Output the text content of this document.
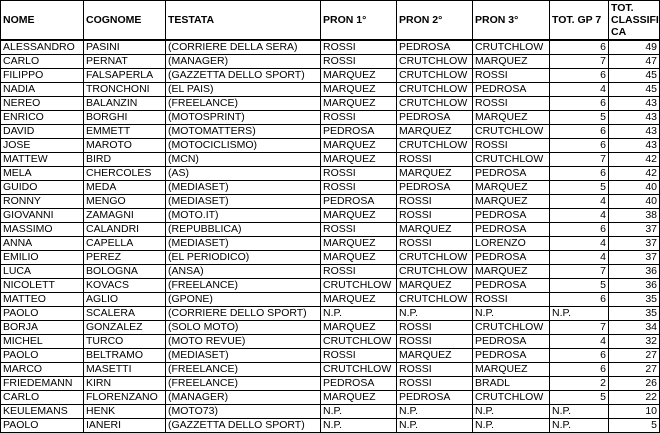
NOME	COGNOME	TESTATA	PRON 1°	PRON 2°	PRON 3°	TOT. GP 7	TOT. CLASSIFI CA
ALESSANDRO	PASINI	(CORRIERE DELLA SERA)	ROSSI	PEDROSA	CRUTCHLOW	6	49
CARLO	PERNAT	(MANAGER)	ROSSI	CRUTCHLOW	MARQUEZ	7	47
FILIPPO	FALSAPERLA	(GAZZETTA DELLO SPORT)	MARQUEZ	CRUTCHLOW	ROSSI	6	45
NADIA	TRONCHONI	(EL PAIS)	MARQUEZ	CRUTCHLOW	PEDROSA	4	45
NEREO	BALANZIN	(FREELANCE)	MARQUEZ	CRUTCHLOW	ROSSI	6	43
ENRICO	BORGHI	(MOTOSPRINT)	ROSSI	PEDROSA	MARQUEZ	5	43
DAVID	EMMETT	(MOTOMATTERS)	PEDROSA	MARQUEZ	CRUTCHLOW	6	43
JOSE	MAROTO	(MOTOCICLISMO)	MARQUEZ	CRUTCHLOW	ROSSI	6	43
MATTEW	BIRD	(MCN)	MARQUEZ	ROSSI	CRUTCHLOW	7	42
MELA	CHERCOLES	(AS)	ROSSI	MARQUEZ	PEDROSA	6	42
GUIDO	MEDA	(MEDIASET)	ROSSI	PEDROSA	MARQUEZ	5	40
RONNY	MENGO	(MEDIASET)	PEDROSA	ROSSI	MARQUEZ	4	40
GIOVANNI	ZAMAGNI	(MOTO.IT)	MARQUEZ	ROSSI	PEDROSA	4	38
MASSIMO	CALANDRI	(REPUBBLICA)	ROSSI	MARQUEZ	PEDROSA	6	37
ANNA	CAPELLA	(MEDIASET)	MARQUEZ	ROSSI	LORENZO	4	37
EMILIO	PEREZ	(EL PERIODICO)	MARQUEZ	CRUTCHLOW	PEDROSA	4	37
LUCA	BOLOGNA	(ANSA)	ROSSI	CRUTCHLOW	MARQUEZ	7	36
NICOLETT	KOVACS	(FREELANCE)	CRUTCHLOW	MARQUEZ	PEDROSA	5	36
MATTEO	AGLIO	(GPONE)	MARQUEZ	CRUTCHLOW	ROSSI	6	35
PAOLO	SCALERA	(CORRIERE DELLO SPORT)	N.P.	N.P.	N.P.	N.P.	35
BORJA	GONZALEZ	(SOLO MOTO)	MARQUEZ	ROSSI	CRUTCHLOW	7	34
MICHEL	TURCO	(MOTO REVUE)	CRUTCHLOW	ROSSI	PEDROSA	4	32
PAOLO	BELTRAMO	(MEDIASET)	ROSSI	MARQUEZ	PEDROSA	6	27
MARCO	MASETTI	(FREELANCE)	CRUTCHLOW	ROSSI	MARQUEZ	6	27
FRIEDEMANN	KIRN	(FREELANCE)	PEDROSA	ROSSI	BRADL	2	26
CARLO	FLORENZANO	(MANAGER)	MARQUEZ	PEDROSA	CRUTCHLOW	5	22
KEULEMANS	HENK	(MOTO73)	N.P.	N.P.	N.P.	N.P.	10
PAOLO	IANERI	(GAZZETTA DELLO SPORT)	N.P.	N.P.	N.P.	N.P.	5
